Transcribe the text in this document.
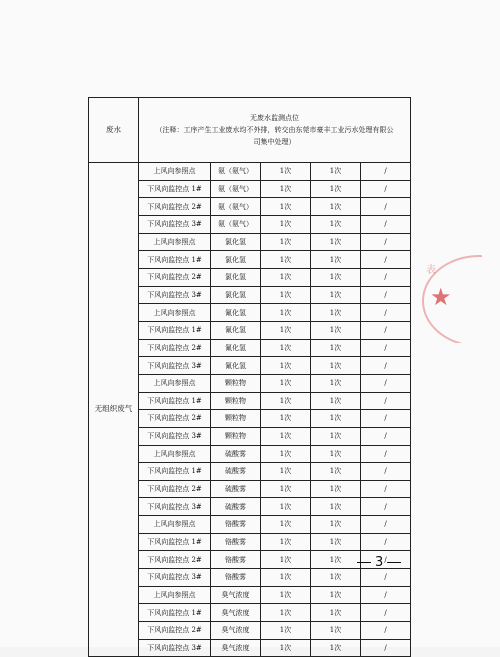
废水	无废水监测点位
（注释：工序产生工业废水均不外排，转交由东莞市豪丰工业污水处理有限公
司集中处理）				

无组织废气	上风向参照点	氨（氨气）	1次	1次	/
	下风向监控点 1#	氨（氨气）	1次	1次	/
	下风向监控点 2#	氨（氨气）	1次	1次	/
	下风向监控点 3#	氨（氨气）	1次	1次	/
	上风向参照点	氯化氢	1次	1次	/
	下风向监控点 1#	氯化氢	1次	1次	/
	下风向监控点 2#	氯化氢	1次	1次	/
	下风向监控点 3#	氯化氢	1次	1次	/
	上风向参照点	氰化氢	1次	1次	/
	下风向监控点 1#	氰化氢	1次	1次	/
	下风向监控点 2#	氰化氢	1次	1次	/
	下风向监控点 3#	氰化氢	1次	1次	/
	上风向参照点	颗粒物	1次	1次	/
	下风向监控点 1#	颗粒物	1次	1次	/
	下风向监控点 2#	颗粒物	1次	1次	/
	下风向监控点 3#	颗粒物	1次	1次	/
	上风向参照点	硫酸雾	1次	1次	/
	下风向监控点 1#	硫酸雾	1次	1次	/
	下风向监控点 2#	硫酸雾	1次	1次	/
	下风向监控点 3#	硫酸雾	1次	1次	/
	上风向参照点	铬酸雾	1次	1次	/
	下风向监控点 1#	铬酸雾	1次	1次	/
	下风向监控点 2#	铬酸雾	1次	1次	/
	下风向监控点 3#	铬酸雾	1次	1次	/
	上风向参照点	臭气浓度	1次	1次	/
	下风向监控点 1#	臭气浓度	1次	1次	/
	下风向监控点 2#	臭气浓度	1次	1次	/
	下风向监控点 3#	臭气浓度	1次	1次	/
表
★
3
